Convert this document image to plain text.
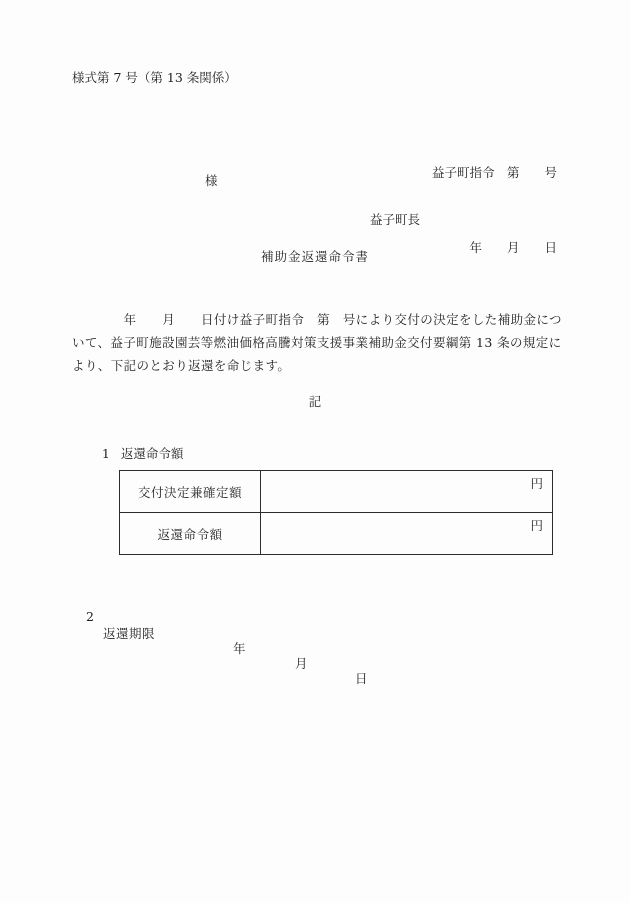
様式第 7 号（第 13 条関係）

益子町指令　第　　号

年　　月　　日

様
益子町長
補助金返還命令書
　　　　年　　月　　日付け益子町指令　第　号により交付の決定をした補助金について、益子町施設園芸等燃油価格高騰対策支援事業補助金交付要綱第 13 条の規定により、下記のとおり返還を命じます。
記

1 返還命令額

交付決定兼確定額	円

返還命令額	円

2

返還期限

年

月

日
